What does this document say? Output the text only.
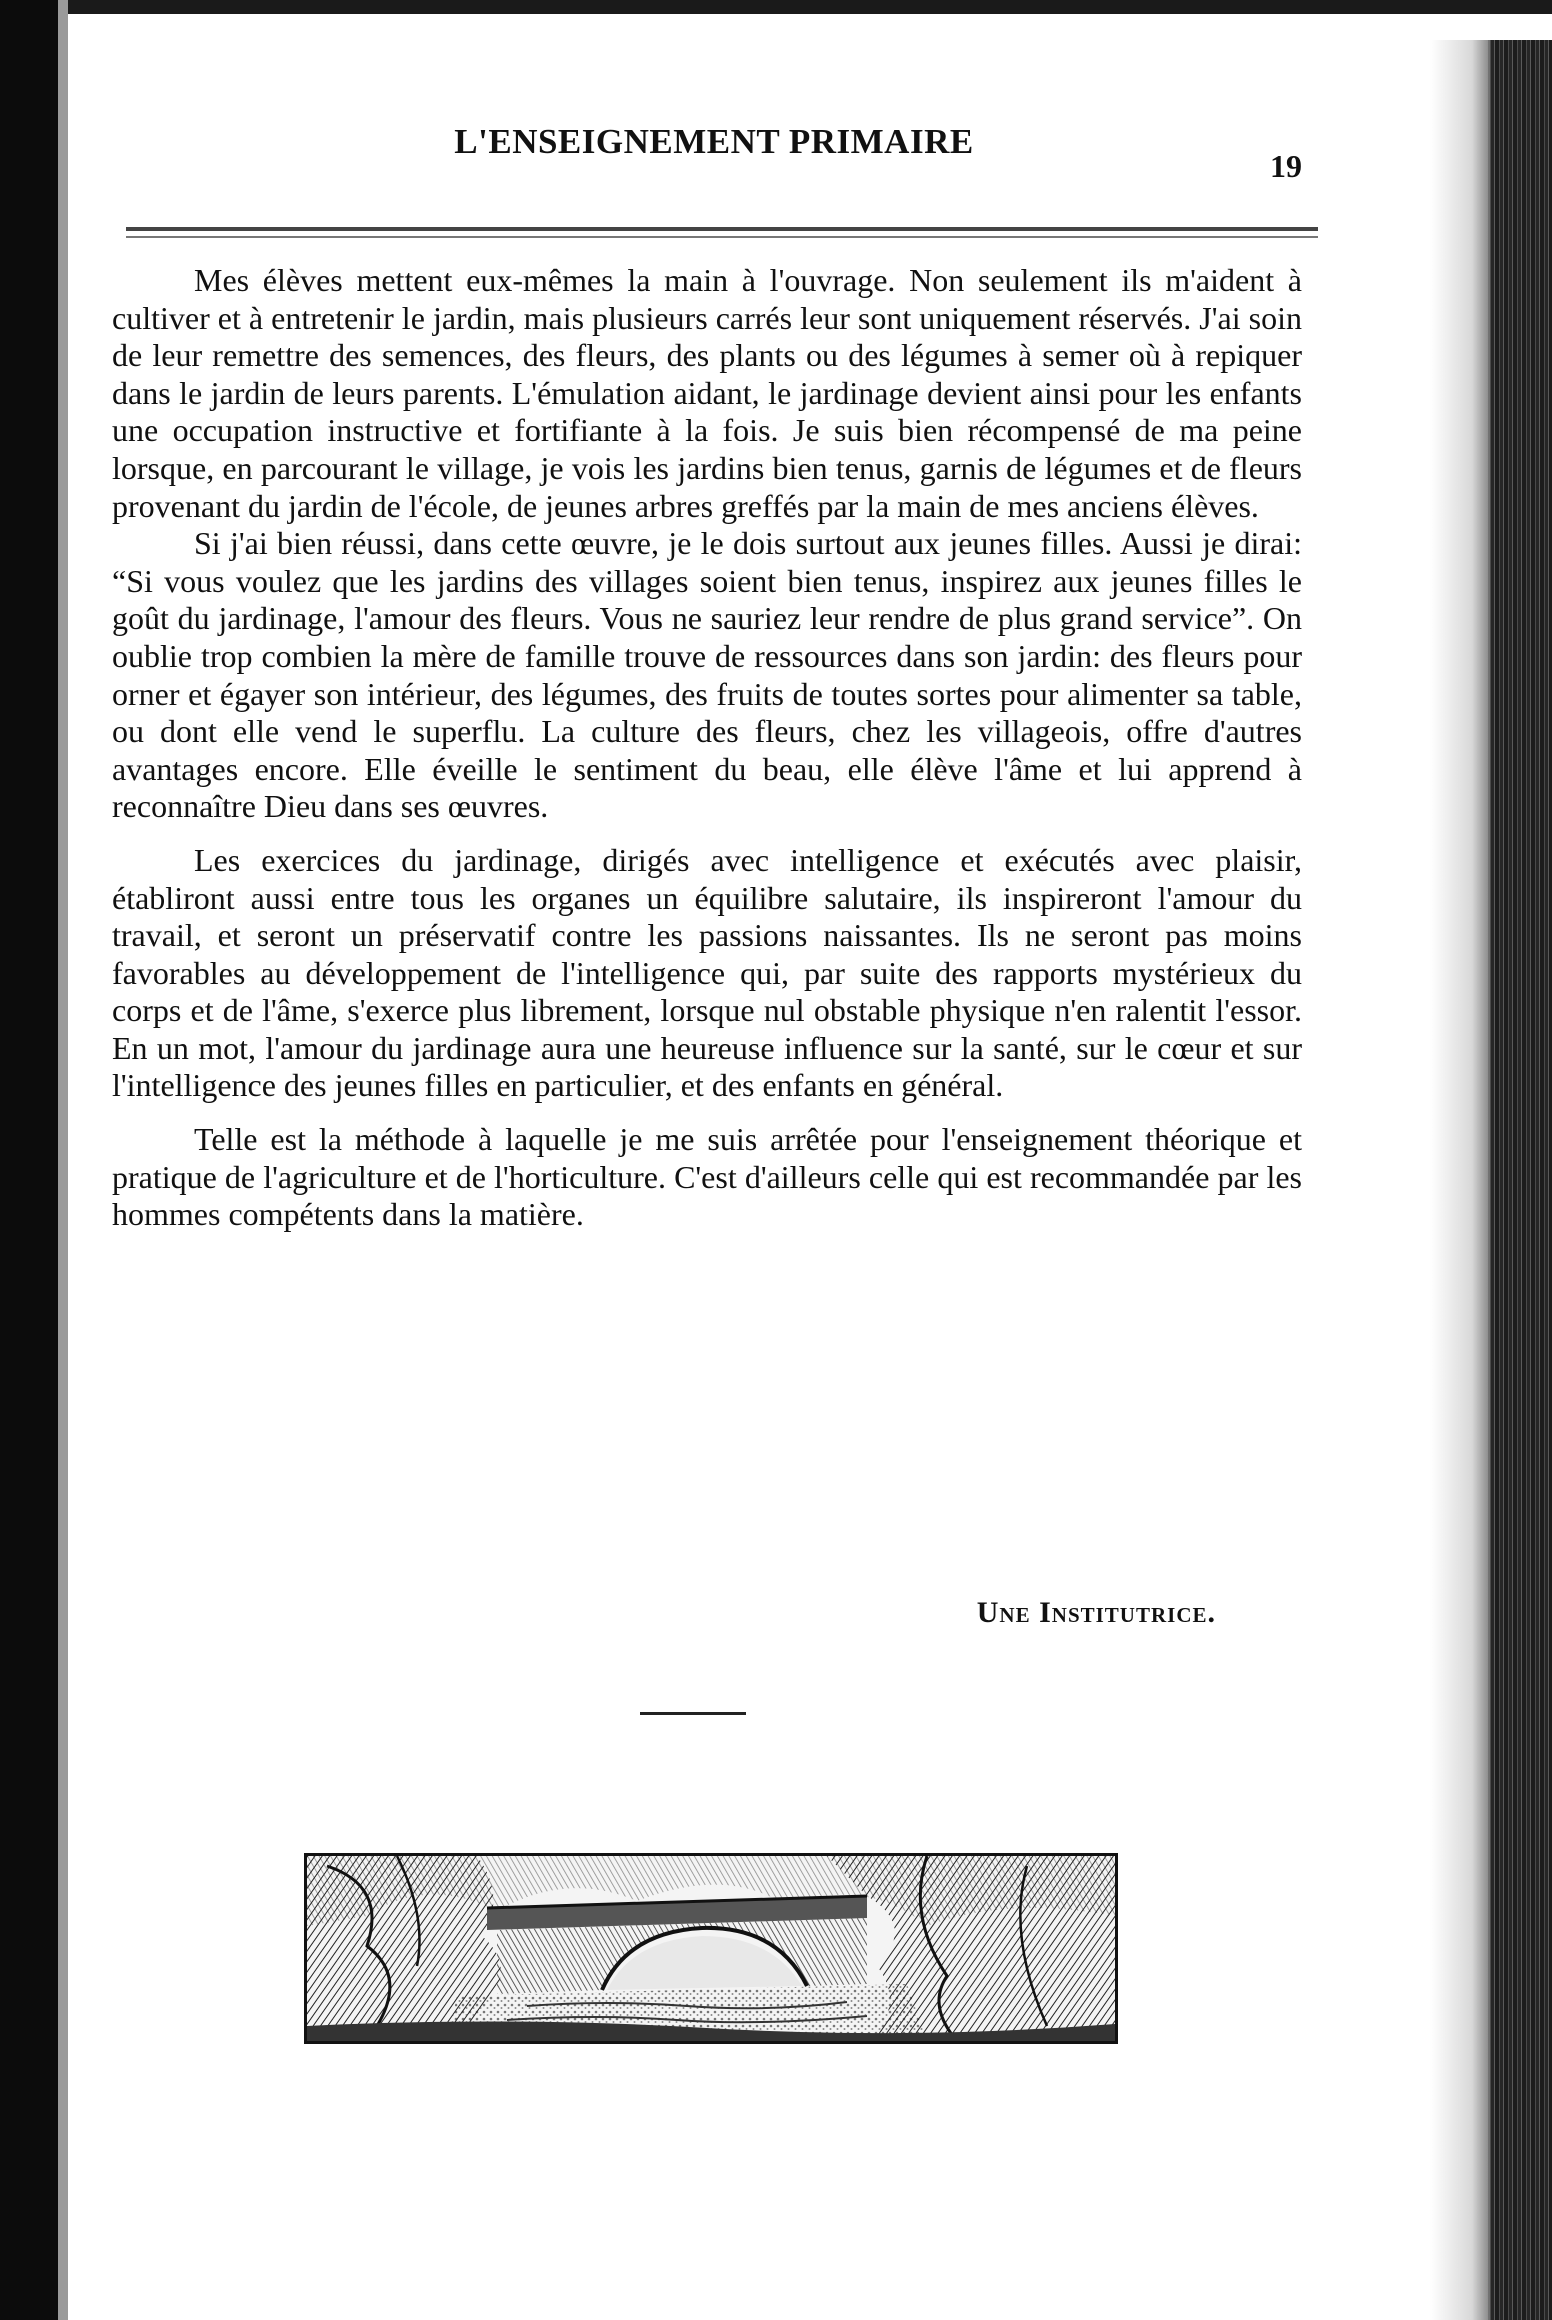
L'ENSEIGNEMENT PRIMAIRE
19

Mes élèves mettent eux-mêmes la main à l'ouvrage. Non seulement ils m'aident à cultiver et à entretenir le jardin, mais plusieurs carrés leur sont uniquement réservés. J'ai soin de leur remettre des semences, des fleurs, des plants ou des légumes à semer où à repiquer dans le jardin de leurs parents. L'émulation aidant, le jardinage devient ainsi pour les enfants une occupation instructive et fortifiante à la fois. Je suis bien récompensé de ma peine lorsque, en parcourant le village, je vois les jardins bien tenus, garnis de légumes et de fleurs provenant du jardin de l'école, de jeunes arbres greffés par la main de mes anciens élèves.

Si j'ai bien réussi, dans cette œuvre, je le dois surtout aux jeunes filles. Aussi je dirai: “Si vous voulez que les jardins des villages soient bien tenus, inspirez aux jeunes filles le goût du jardinage, l'amour des fleurs. Vous ne sauriez leur rendre de plus grand service”. On oublie trop combien la mère de famille trouve de ressources dans son jardin: des fleurs pour orner et égayer son intérieur, des légumes, des fruits de toutes sortes pour alimenter sa table, ou dont elle vend le superflu. La culture des fleurs, chez les villageois, offre d'autres avantages encore. Elle éveille le sentiment du beau, elle élève l'âme et lui apprend à reconnaître Dieu dans ses œuvres.

Les exercices du jardinage, dirigés avec intelligence et exécutés avec plaisir, établiront aussi entre tous les organes un équilibre salutaire, ils inspireront l'amour du travail, et seront un préservatif contre les passions naissantes. Ils ne seront pas moins favorables au développement de l'intelligence qui, par suite des rapports mystérieux du corps et de l'âme, s'exerce plus librement, lorsque nul obstable physique n'en ralentit l'essor. En un mot, l'amour du jardinage aura une heureuse influence sur la santé, sur le cœur et sur l'intelligence des jeunes filles en particulier, et des enfants en général.

Telle est la méthode à laquelle je me suis arrêtée pour l'enseignement théorique et pratique de l'agriculture et de l'horticulture. C'est d'ailleurs celle qui est recommandée par les hommes compétents dans la matière.

Une Institutrice.
